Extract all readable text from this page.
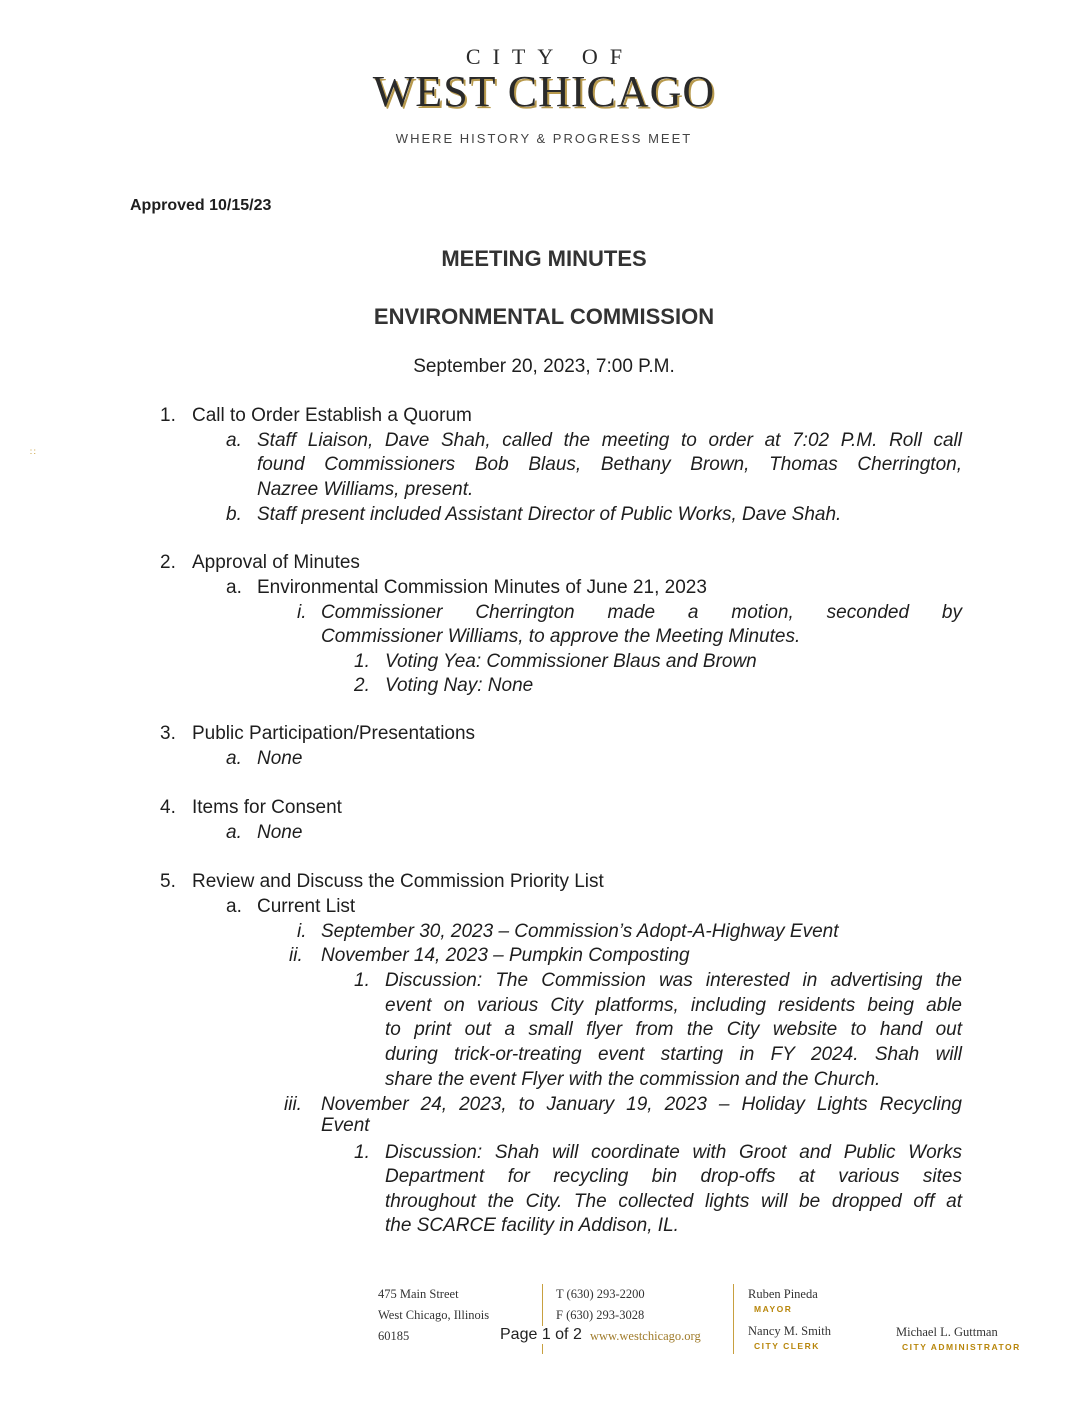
CITY OF
WEST CHICAGO
WHERE HISTORY & PROGRESS MEET
∷
Approved 10/15/23
MEETING MINUTES
ENVIRONMENTAL COMMISSION
September 20, 2023, 7:00 P.M.
1. Call to Order Establish a Quorum
a. Staff Liaison, Dave Shah, called the meeting to order at 7:02 P.M. Roll call
found Commissioners Bob Blaus, Bethany Brown, Thomas Cherrington,
Nazree Williams, present.
b. Staff present included Assistant Director of Public Works, Dave Shah.
2. Approval of Minutes
a. Environmental Commission Minutes of June 21, 2023
i. Commissioner Cherrington made a motion, seconded by
Commissioner Williams, to approve the Meeting Minutes.
1. Voting Yea: Commissioner Blaus and Brown
2. Voting Nay: None
3. Public Participation/Presentations
a. None
4. Items for Consent
a. None
5. Review and Discuss the Commission Priority List
a. Current List
i. September 30, 2023 – Commission’s Adopt-A-Highway Event
ii. November 14, 2023 – Pumpkin Composting
1. Discussion: The Commission was interested in advertising the
event on various City platforms, including residents being able
to print out a small flyer from the City website to hand out
during trick-or-treating event starting in FY 2024. Shah will
share the event Flyer with the commission and the Church.
iii. November 24, 2023, to January 19, 2023 – Holiday Lights Recycling
Event
1. Discussion: Shah will coordinate with Groot and Public Works
Department for recycling bin drop-offs at various sites
throughout the City. The collected lights will be dropped off at
the SCARCE facility in Addison, IL.
475 Main Street
West Chicago, Illinois
60185
T (630) 293-2200
F (630) 293-3028
www.westchicago.org
Ruben Pineda
MAYOR
Nancy M. Smith
CITY CLERK
Michael L. Guttman
CITY ADMINISTRATOR
Page 1 of 2
